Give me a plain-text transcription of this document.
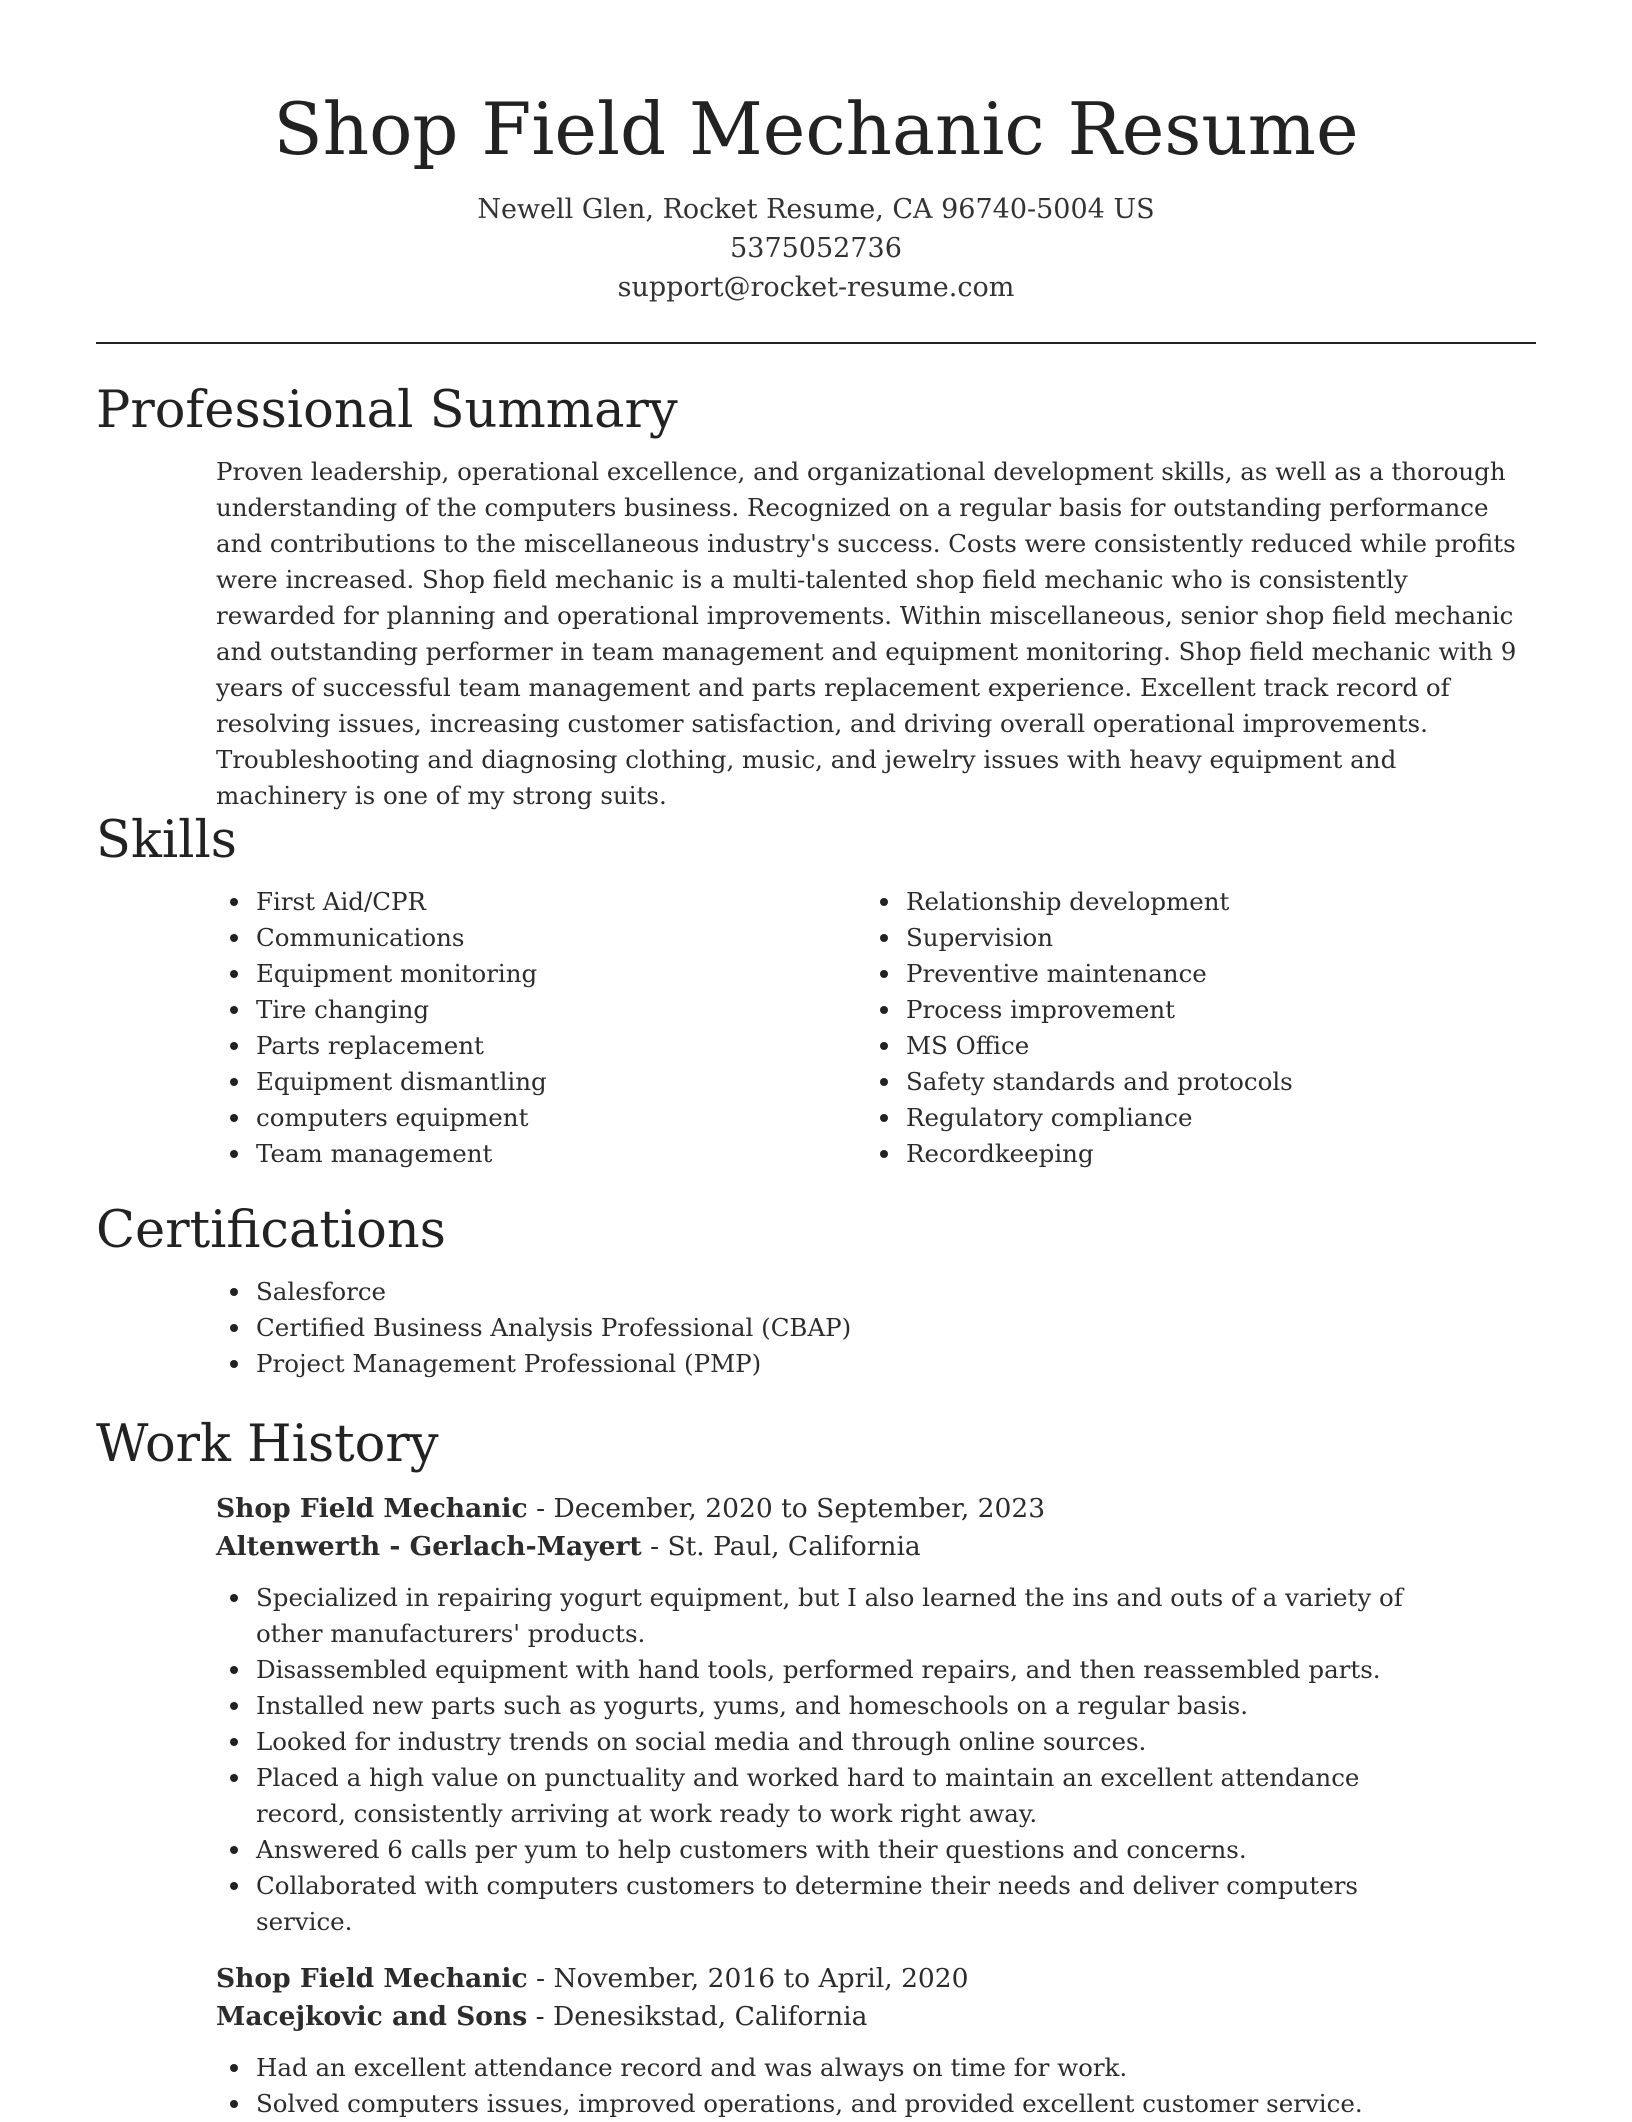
Shop Field Mechanic Resume
Newell Glen, Rocket Resume, CA 96740-5004 US
5375052736
support@rocket-resume.com
Professional Summary
Proven leadership, operational excellence, and organizational development skills, as well as a thorough understanding of the computers business. Recognized on a regular basis for outstanding performance and contributions to the miscellaneous industry's success. Costs were consistently reduced while profits were increased. Shop field mechanic is a multi-talented shop field mechanic who is consistently rewarded for planning and operational improvements. Within miscellaneous, senior shop field mechanic and outstanding performer in team management and equipment monitoring. Shop field mechanic with 9 years of successful team management and parts replacement experience. Excellent track record of resolving issues, increasing customer satisfaction, and driving overall operational improvements. Troubleshooting and diagnosing clothing, music, and jewelry issues with heavy equipment and machinery is one of my strong suits.
Skills
First Aid/CPR
Communications
Equipment monitoring
Tire changing
Parts replacement
Equipment dismantling
computers equipment
Team management
Relationship development
Supervision
Preventive maintenance
Process improvement
MS Office
Safety standards and protocols
Regulatory compliance
Recordkeeping
Certifications
Salesforce
Certified Business Analysis Professional (CBAP)
Project Management Professional (PMP)
Work History
Shop Field Mechanic - December, 2020 to September, 2023
Altenwerth - Gerlach-Mayert - St. Paul, California
Specialized in repairing yogurt equipment, but I also learned the ins and outs of a variety of other manufacturers' products.
Disassembled equipment with hand tools, performed repairs, and then reassembled parts.
Installed new parts such as yogurts, yums, and homeschools on a regular basis.
Looked for industry trends on social media and through online sources.
Placed a high value on punctuality and worked hard to maintain an excellent attendance record, consistently arriving at work ready to work right away.
Answered 6 calls per yum to help customers with their questions and concerns.
Collaborated with computers customers to determine their needs and deliver computers service.
Shop Field Mechanic - November, 2016 to April, 2020
Macejkovic and Sons - Denesikstad, California
Had an excellent attendance record and was always on time for work.
Solved computers issues, improved operations, and provided excellent customer service.
